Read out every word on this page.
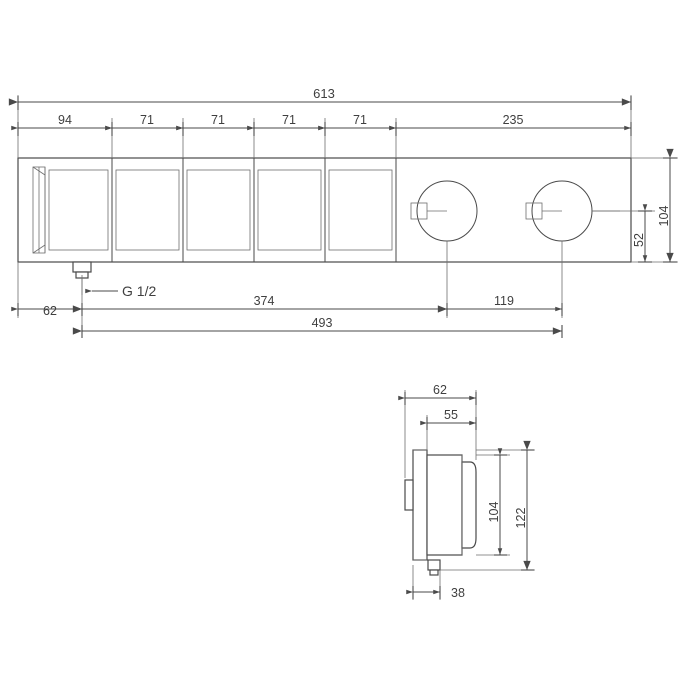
613
94	71	71	71	71	235
104
52
62
374	119
493
G 1/2
62
55
104 122
38
